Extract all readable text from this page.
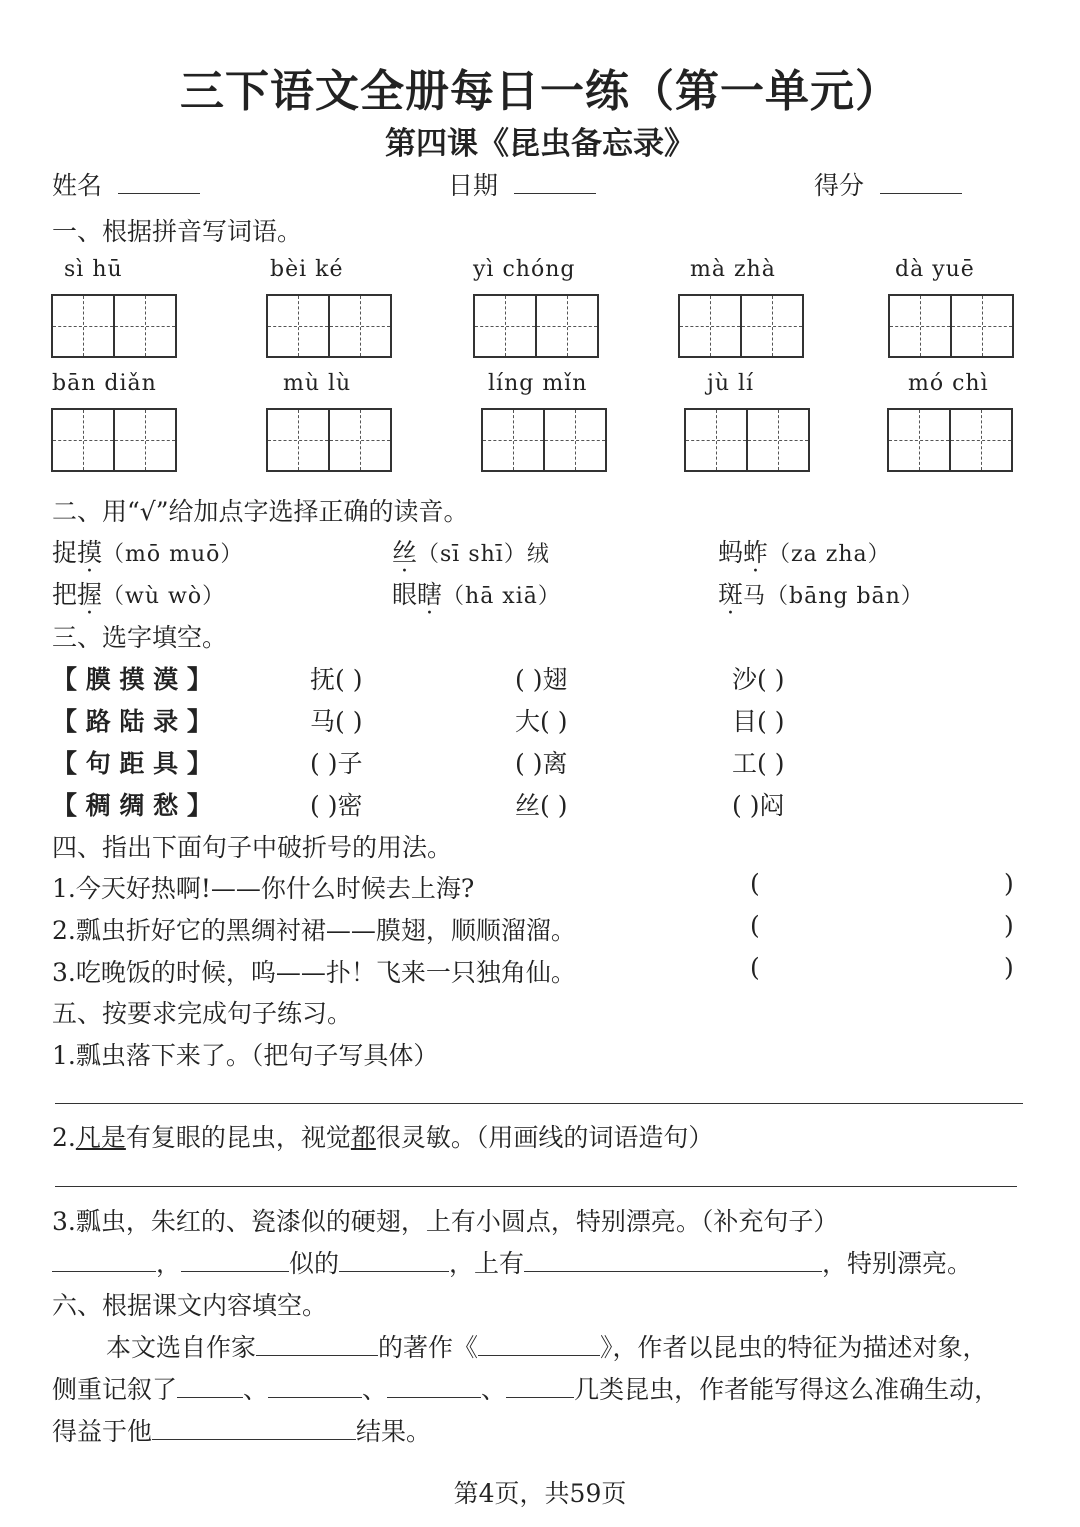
三下语文全册每日一练（第一单元）
第四课《昆虫备忘录》
姓名	日期	得分
一、根据拼音写词语。
sì hū	bèi ké	yì chóng	mà zhà	dà yuē
bān diǎn	mù lù	líng mǐn	jù lí	mó chì
二、用“√”给加点字选择正确的读音。
捉摸（mō muō）	丝（sī shī）绒	蚂蚱（za zha）
把握（wù wò）	眼瞎（hā xiā）	斑马（bāng bān）
三、选字填空。
【 膜 摸 漠 】	抚( )	( )翅	沙( )
【 路 陆 录 】	马( )	大( )	目( )
【 句 距 具 】	( )子	( )离	工( )
【 稠 绸 愁 】	( )密	丝( )	( )闷
四、指出下面句子中破折号的用法。
1.今天好热啊!——你什么时候去上海?	(	)
2.瓢虫折好它的黑绸衬裙——膜翅，顺顺溜溜。	(	)
3.吃晚饭的时候，呜——扑！飞来一只独角仙。	(	)
五、按要求完成句子练习。
1.瓢虫落下来了。（把句子写具体）
2.凡是有复眼的昆虫，视觉都很灵敏。（用画线的词语造句）
3.瓢虫，朱红的、瓷漆似的硬翅，上有小圆点，特别漂亮。（补充句子）
，	似的	，上有	，特别漂亮。
六、根据课文内容填空。
本文选自作家	的著作《	》，作者以昆虫的特征为描述对象，
侧重记叙了	、	、	、	几类昆虫，作者能写得这么准确生动，
得益于他	结果。
第4页，共59页
